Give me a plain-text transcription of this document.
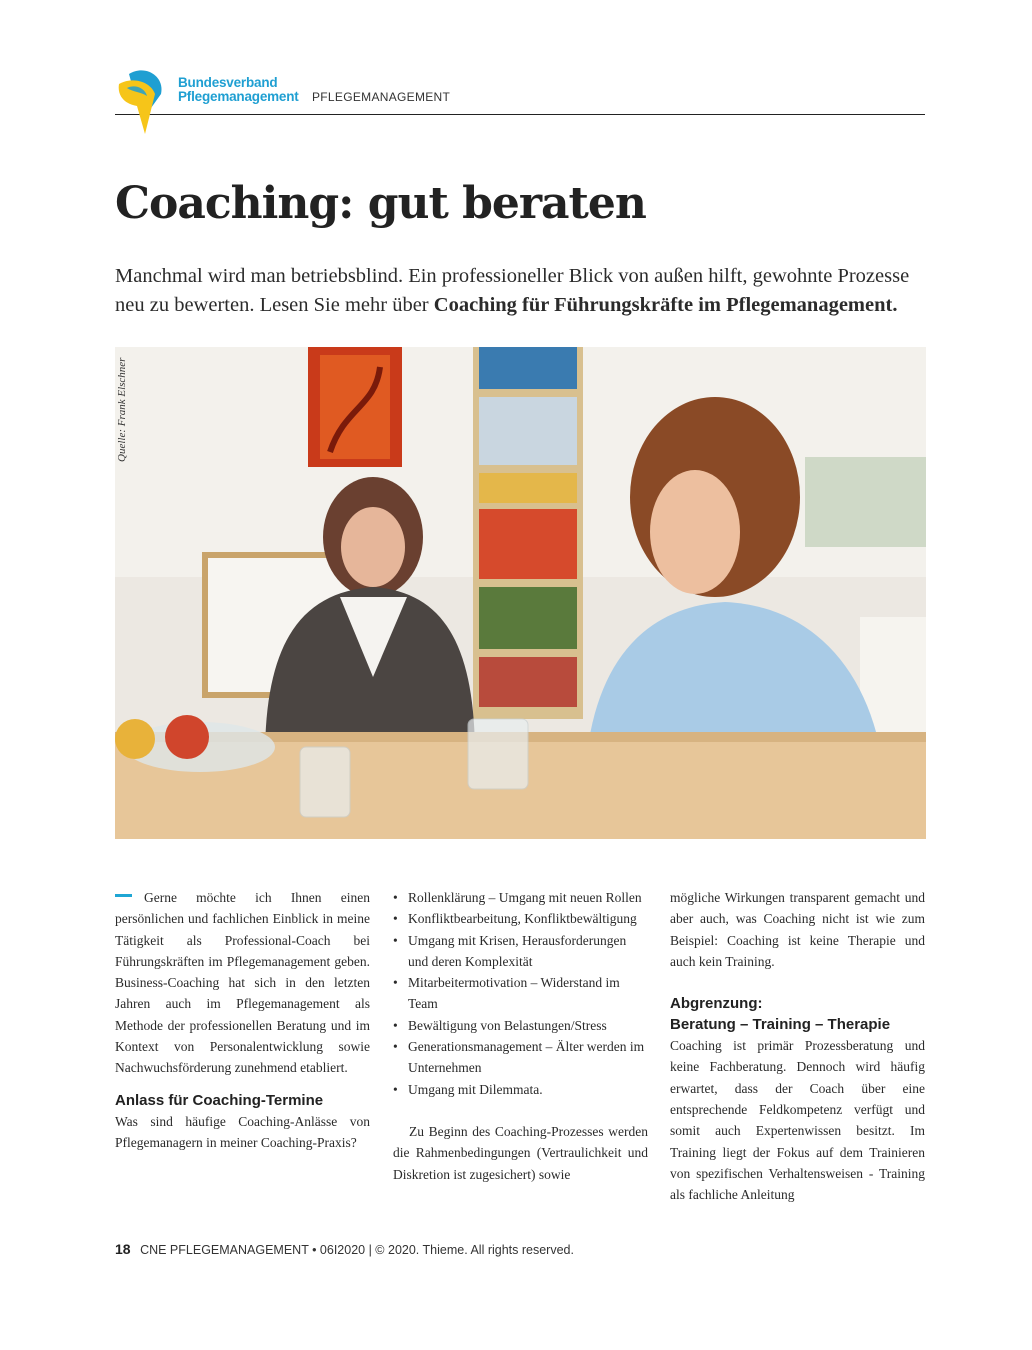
Bundesverband
Pflegemanagement PFLEGEMANAGEMENT
Coaching: gut beraten

Manchmal wird man betriebsblind. Ein professioneller Blick von außen hilft, gewohnte Prozesse neu zu bewerten. Lesen Sie mehr über Coaching für Führungskräfte im Pflegemanagement.

Quelle: Frank Elschner

Gerne möchte ich Ihnen einen persönlichen und fachlichen Einblick in meine Tätigkeit als Professional-Coach bei Führungskräften im Pflegemanagement geben. Business-Coaching hat sich in den letzten Jahren auch im Pflegemanagement als Methode der professionellen Beratung und im Kontext von Personalentwicklung sowie Nachwuchsförderung zunehmend etabliert.

Anlass für Coaching-Termine

Was sind häufige Coaching-Anlässe von Pflegemanagern in meiner Coaching-Praxis?

• Rollenklärung – Umgang mit neuen Rollen
• Konfliktbearbeitung, Konfliktbewältigung
• Umgang mit Krisen, Herausforderungen und deren Komplexität
• Mitarbeitermotivation – Widerstand im Team
• Bewältigung von Belastungen/Stress
• Generationsmanagement – Älter werden im Unternehmen
• Umgang mit Dilemmata.

Zu Beginn des Coaching-Prozesses werden die Rahmenbedingungen (Vertraulichkeit und Diskretion ist zugesichert) sowie

mögliche Wirkungen transparent gemacht und aber auch, was Coaching nicht ist wie zum Beispiel: Coaching ist keine Therapie und auch kein Training.

Abgrenzung:
Beratung – Training – Therapie

Coaching ist primär Prozessberatung und keine Fachberatung. Dennoch wird häufig erwartet, dass der Coach über eine entsprechende Feldkompetenz verfügt und somit auch Expertenwissen besitzt. Im Training liegt der Fokus auf dem Trainieren von spezifischen Verhaltensweisen - Training als fachliche Anleitung

18 CNE PFLEGEMANAGEMENT • 06I2020 | © 2020. Thieme. All rights reserved.
